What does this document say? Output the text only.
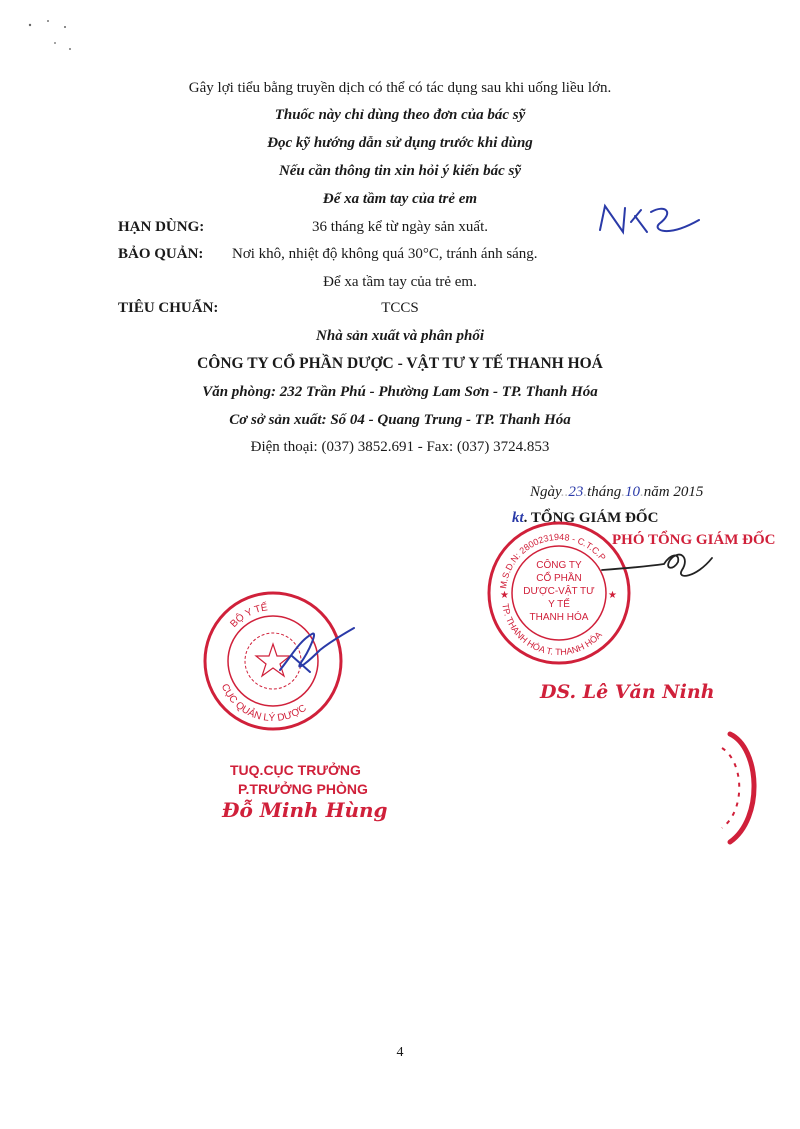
Gây lợi tiểu bằng truyền dịch có thể có tác dụng sau khi uống liều lớn.
Thuốc này chỉ dùng theo đơn của bác sỹ
Đọc kỹ hướng dẫn sử dụng trước khi dùng
Nếu cần thông tin xin hỏi ý kiến bác sỹ
Để xa tầm tay của trẻ em
HẠN DÙNG:	36 tháng kể từ ngày sản xuất.
BẢO QUẢN: Nơi khô, nhiệt độ không quá 30°C, tránh ánh sáng.
Để xa tầm tay của trẻ em.
TIÊU CHUẨN:	TCCS
Nhà sản xuất và phân phối
CÔNG TY CỔ PHẦN DƯỢC - VẬT TƯ Y TẾ THANH HOÁ
Văn phòng: 232 Trần Phú - Phường Lam Sơn - TP. Thanh Hóa
Cơ sở sản xuất: Số 04 - Quang Trung - TP. Thanh Hóa
Điện thoại: (037) 3852.691 - Fax: (037) 3724.853
Ngày..23.tháng.10.năm 2015
kt. TỔNG GIÁM ĐỐC
PHÓ TỔNG GIÁM ĐỐC
M.S.D.N: 2800231948 - C.T.C.P
TP. THANH HÓA T. THANH HÓA
CÔNG TY
CỔ PHẦN
DƯỢC-VẬT TƯ
Y TẾ
THANH HÓA
★	★
DS. Lê Văn Ninh
BỘ Y TẾ
CỤC QUẢN LÝ DƯỢC
TUQ.CỤC TRƯỞNG
P.TRƯỞNG PHÒNG
Đỗ Minh Hùng
4
